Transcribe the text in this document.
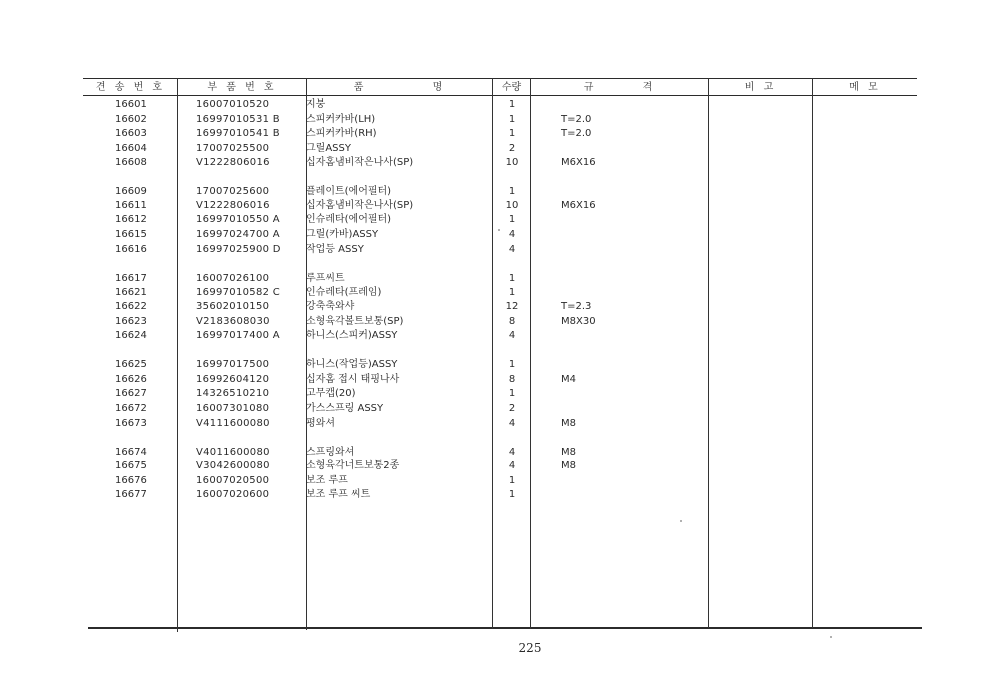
견 송 번 호	부 품 번 호	품 명	수량	규 격	비 고	메 모
16601	16007010520	지붕	1
16602	16997010531 B	스피커카바(LH)	1	T=2.0
16603	16997010541 B	스피커카바(RH)	1	T=2.0
16604	17007025500	그릴ASSY	2
16608	V1222806016	십자홈냄비작은나사(SP)	10	M6X16
16609	17007025600	플레이트(에어필터)	1
16611	V1222806016	십자홈냄비작은나사(SP)	10	M6X16
16612	16997010550 A	인슈레타(에어필터)	1
16615	16997024700 A	그릴(카바)ASSY	4
16616	16997025900 D	작업등 ASSY	4
16617	16007026100	루프씨트	1
16621	16997010582 C	인슈레타(프레임)	1
16622	35602010150	강축축와샤	12	T=2.3
16623	V2183608030	소형육각볼트보통(SP)	8	M8X30
16624	16997017400 A	하니스(스피커)ASSY	4
16625	16997017500	하니스(작업등)ASSY	1
16626	16992604120	십자홈 접시 태핑나사	8	M4
16627	14326510210	고무캡(20)	1
16672	16007301080	가스스프링 ASSY	2
16673	V4111600080	평와셔	4	M8
16674	V4011600080	스프링와셔	4	M8
16675	V3042600080	소형육각너트보통2종	4	M8
16676	16007020500	보조 루프	1
16677	16007020600	보조 루프 씨트	1
225
